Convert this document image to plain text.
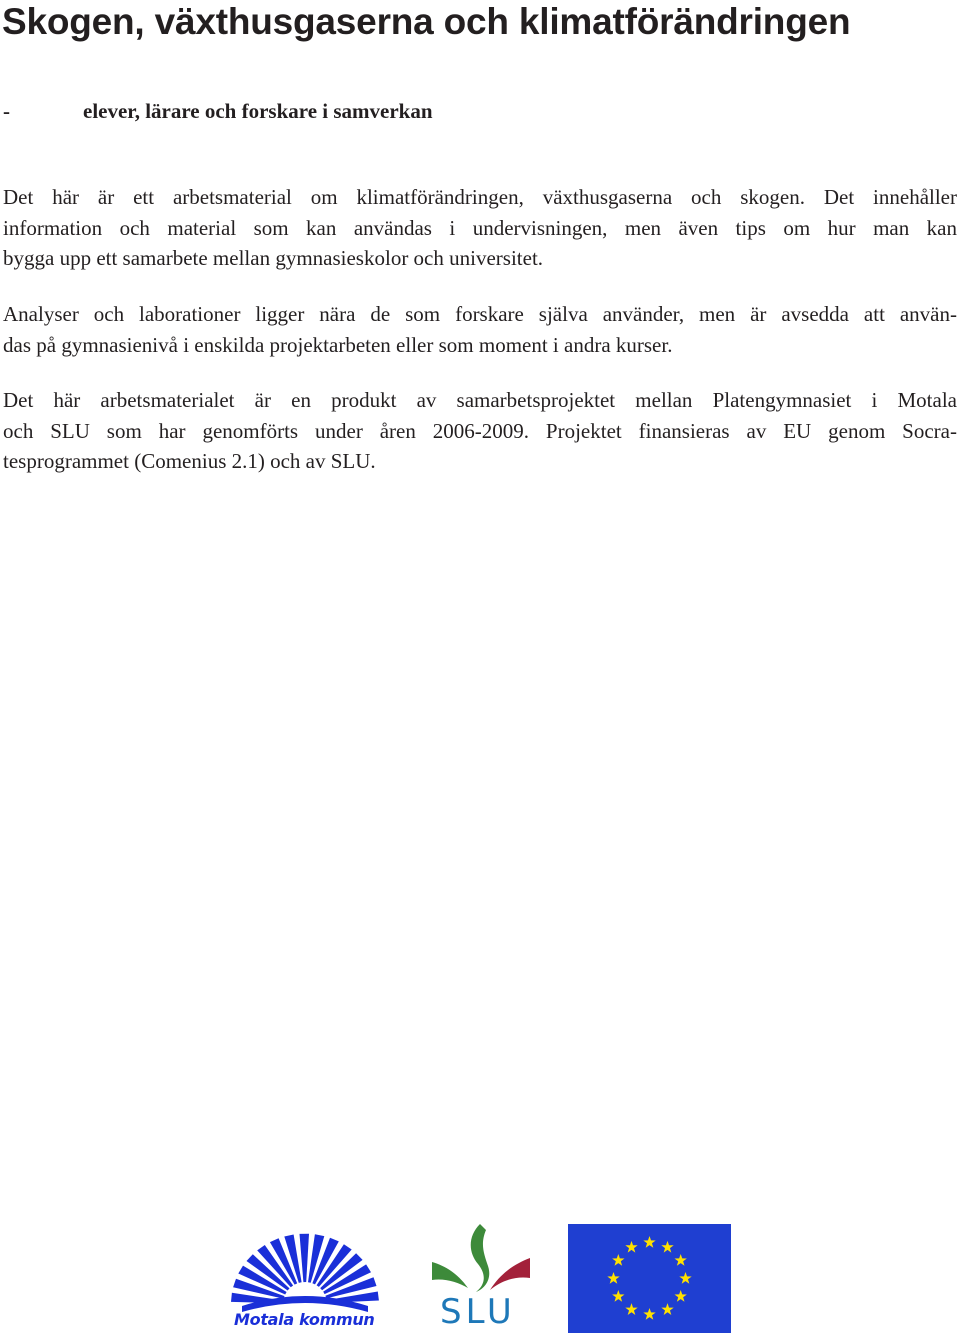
Skogen, växthusgaserna och klimatförändringen

-	elever, lärare och forskare i samverkan

Det här är ett arbetsmaterial om klimatförändringen, växthusgaserna och skogen. Det innehåller
information och material som kan användas i undervisningen, men även tips om hur man kan
bygga upp ett samarbete mellan gymnasieskolor och universitet.
Analyser och laborationer ligger nära de som forskare själva använder, men är avsedda att använ-
das på gymnasienivå i enskilda projektarbeten eller som moment i andra kurser.
Det här arbetsmaterialet är en produkt av samarbetsprojektet mellan Platengymnasiet i Motala
och SLU som har genomförts under åren 2006-2009. Projektet finansieras av EU genom Socra-
tesprogrammet (Comenius 2.1) och av SLU.
Motala kommun SLU
